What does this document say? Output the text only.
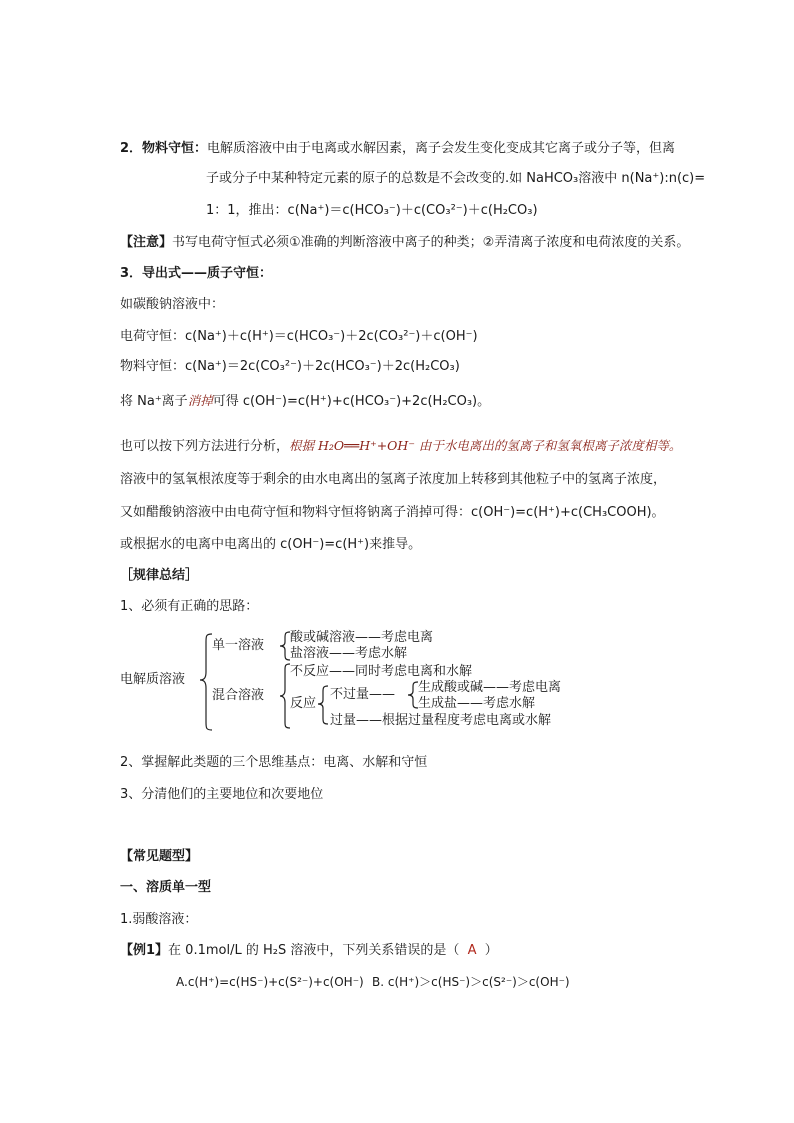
2．物料守恒：电解质溶液中由于电离或水解因素，离子会发生变化变成其它离子或分子等，但离
子或分子中某种特定元素的原子的总数是不会改变的.如 NaHCO₃溶液中 n(Na⁺):n(c)=
1：1，推出：c(Na⁺)＝c(HCO₃⁻)＋c(CO₃²⁻)＋c(H₂CO₃)
【注意】书写电荷守恒式必须①准确的判断溶液中离子的种类；②弄清离子浓度和电荷浓度的关系。
3．导出式——质子守恒：
如碳酸钠溶液中：
电荷守恒：c(Na⁺)＋c(H⁺)＝c(HCO₃⁻)＋2c(CO₃²⁻)＋c(OH⁻)
物料守恒：c(Na⁺)＝2c(CO₃²⁻)＋2c(HCO₃⁻)＋2c(H₂CO₃)
将 Na⁺离子消掉可得 c(OH⁻)=c(H⁺)+c(HCO₃⁻)+2c(H₂CO₃)。
也可以按下列方法进行分析，根据 H₂O══H⁺+OH⁻ 由于水电离出的氢离子和氢氧根离子浓度相等。
溶液中的氢氧根浓度等于剩余的由水电离出的氢离子浓度加上转移到其他粒子中的氢离子浓度，
又如醋酸钠溶液中由电荷守恒和物料守恒将钠离子消掉可得：c(OH⁻)=c(H⁺)+c(CH₃COOH)。
或根据水的电离中电离出的 c(OH⁻)=c(H⁺)来推导。
［规律总结］
1、必须有正确的思路：
电解质溶液
单一溶液
酸或碱溶液——考虑电离
盐溶液——考虑水解
混合溶液
不反应——同时考虑电离和水解
反应
不过量—— 生成酸或碱——考虑电离
生成盐——考虑水解
过量——根据过量程度考虑电离或水解
2、掌握解此类题的三个思维基点：电离、水解和守恒
3、分清他们的主要地位和次要地位
【常见题型】
一、溶质单一型
1.弱酸溶液：
【例1】在 0.1mol/L 的 H₂S 溶液中，下列关系错误的是（ A ）
A.c(H⁺)=c(HS⁻)+c(S²⁻)+c(OH⁻) B. c(H⁺)＞c(HS⁻)＞c(S²⁻)＞c(OH⁻)
